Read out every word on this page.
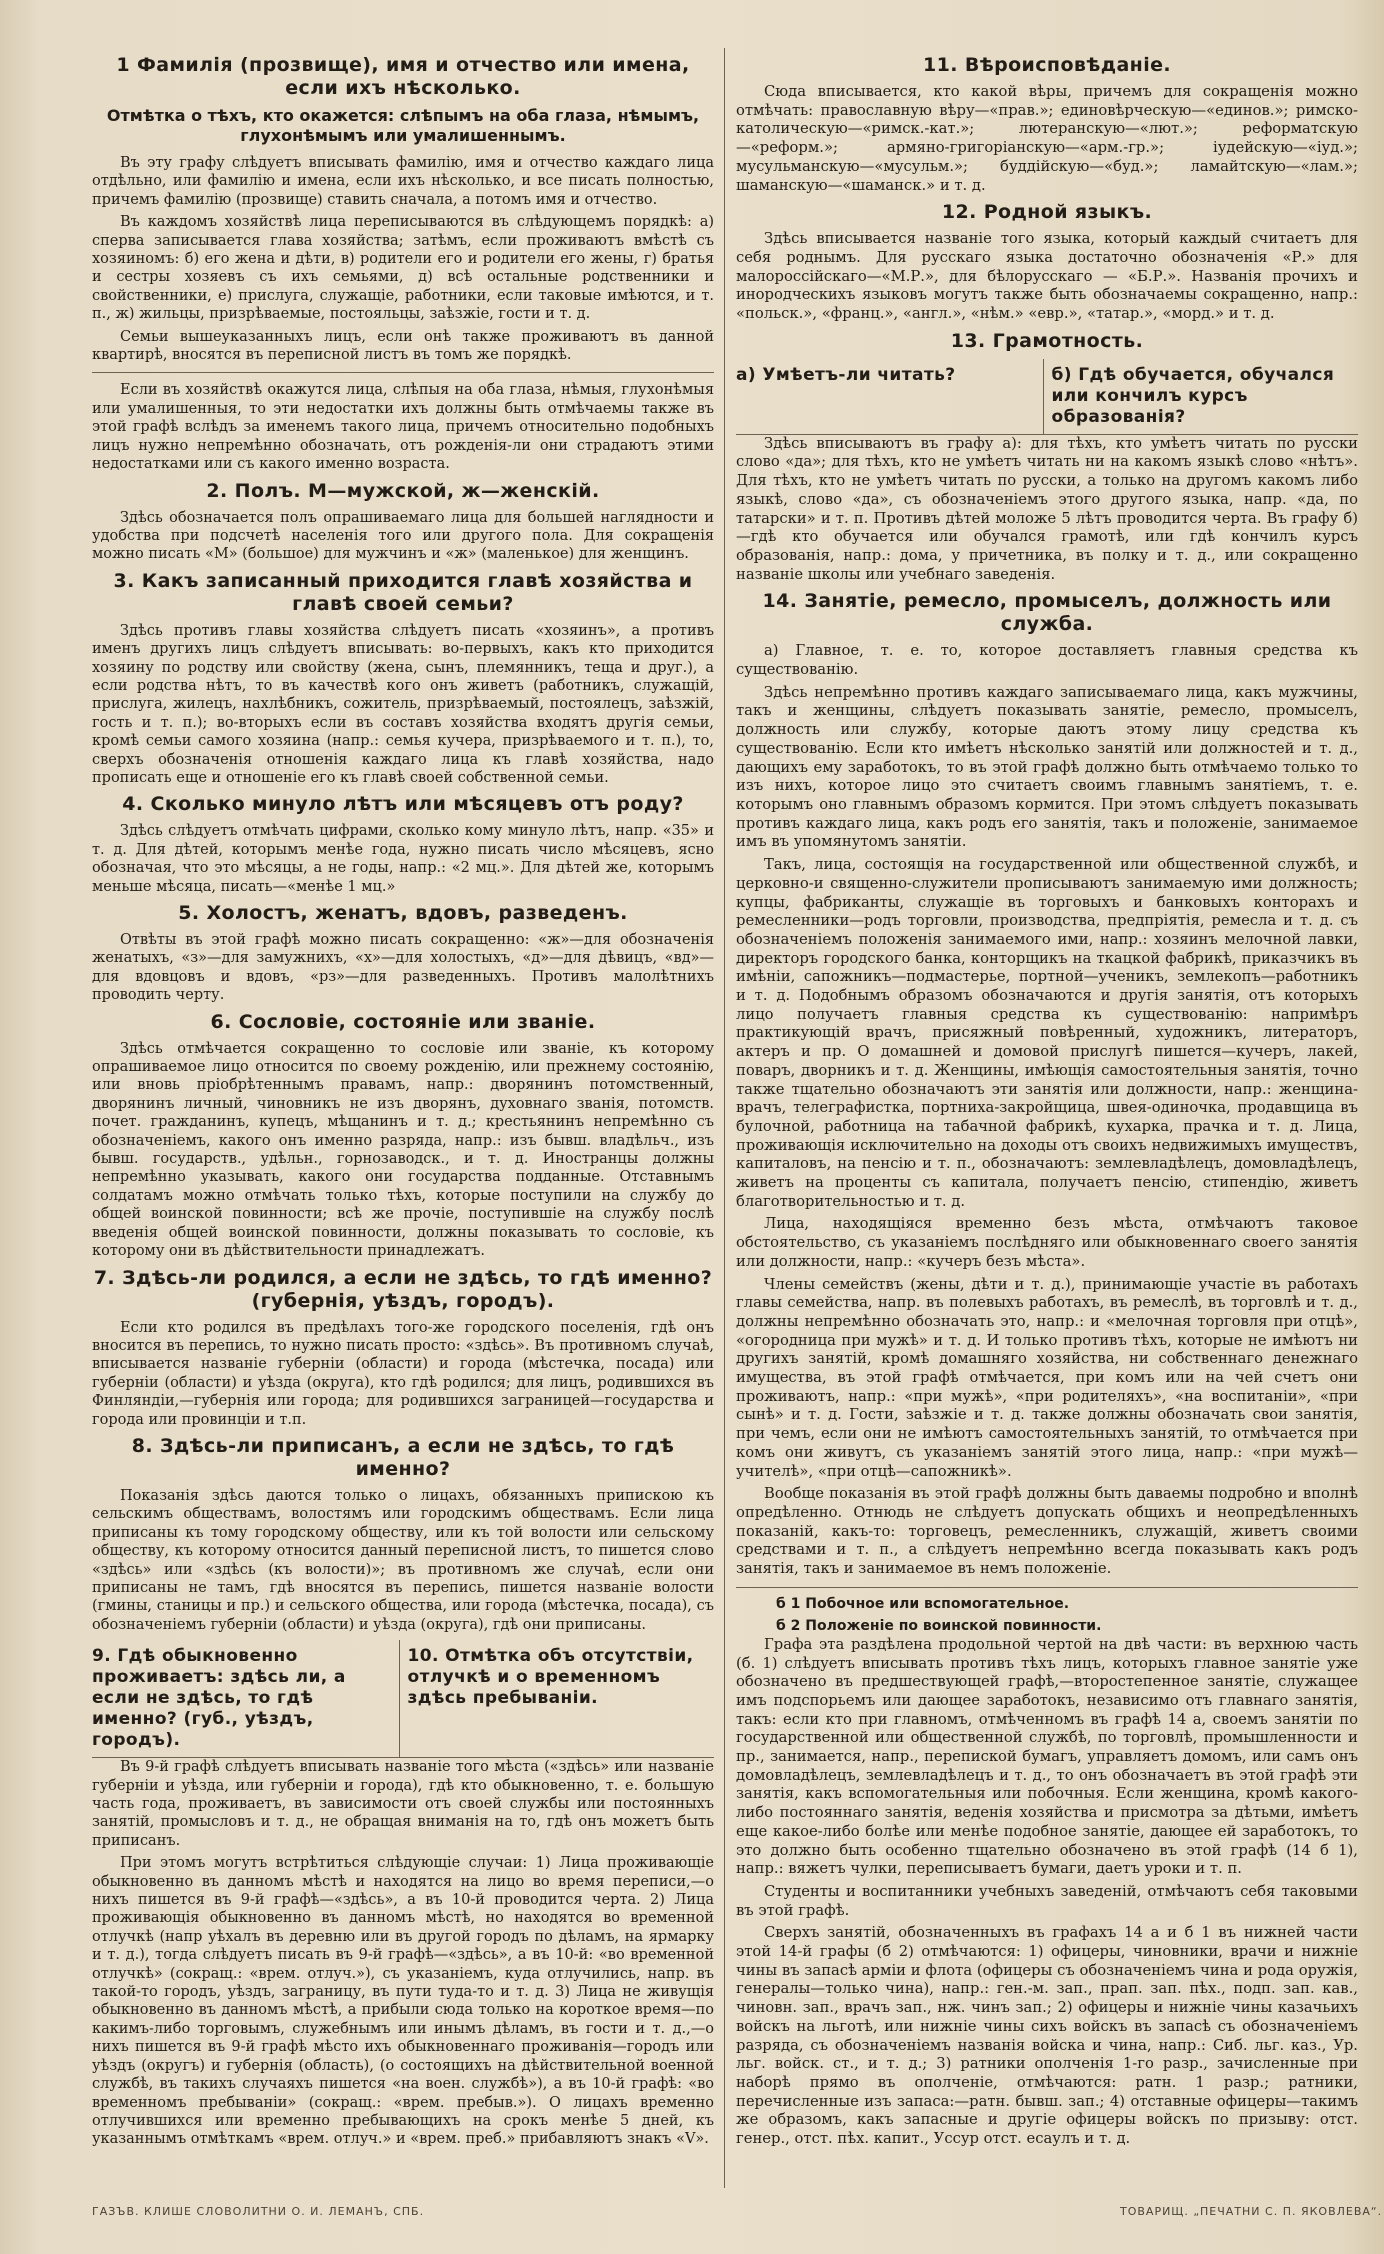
1 Фамилія (прозвище), имя и отчество или имена, если ихъ нѣсколько.
Отмѣтка о тѣхъ, кто окажется: слѣпымъ на оба глаза, нѣмымъ, глухонѣмымъ или умалишеннымъ.

Въ эту графу слѣдуетъ вписывать фамилію, имя и отчество каждаго лица отдѣльно, или фамилію и имена, если ихъ нѣсколько, и все писать полностью, причемъ фамилію (прозвище) ставить сначала, а потомъ имя и отчество.

Въ каждомъ хозяйствѣ лица переписываются въ слѣдующемъ порядкѣ: а) сперва записывается глава хозяйства; затѣмъ, если проживаютъ вмѣстѣ съ хозяиномъ: б) его жена и дѣти, в) родители его и родители его жены, г) братья и сестры хозяевъ съ ихъ семьями, д) всѣ остальные родственники и свойственники, е) прислуга, служащіе, работники, если таковые имѣются, и т. п., ж) жильцы, призрѣваемые, постояльцы, заѣзжіе, гости и т. д.

Семьи вышеуказанныхъ лицъ, если онѣ также проживаютъ въ данной квартирѣ, вносятся въ переписной листъ въ томъ же порядкѣ.

Если въ хозяйствѣ окажутся лица, слѣпыя на оба глаза, нѣмыя, глухонѣмыя или умалишенныя, то эти недостатки ихъ должны быть отмѣчаемы также въ этой графѣ вслѣдъ за именемъ такого лица, причемъ относительно подобныхъ лицъ нужно непремѣнно обозначать, отъ рожденія-ли они страдаютъ этими недостатками или съ какого именно возраста.

2. Полъ. М—мужской, ж—женскій.

Здѣсь обозначается полъ опрашиваемаго лица для большей наглядности и удобства при подсчетѣ населенія того или другого пола. Для сокращенія можно писать «М» (большое) для мужчинъ и «ж» (маленькое) для женщинъ.

3. Какъ записанный приходится главѣ хозяйства и главѣ своей семьи?

Здѣсь противъ главы хозяйства слѣдуетъ писать «хозяинъ», а противъ именъ другихъ лицъ слѣдуетъ вписывать: во-первыхъ, какъ кто приходится хозяину по родству или свойству (жена, сынъ, племянникъ, теща и друг.), а если родства нѣтъ, то въ качествѣ кого онъ живетъ (работникъ, служащій, прислуга, жилецъ, нахлѣбникъ, сожитель, призрѣваемый, постоялецъ, заѣзжій, гость и т. п.); во-вторыхъ если въ составъ хозяйства входятъ другія семьи, кромѣ семьи самого хозяина (напр.: семья кучера, призрѣваемого и т. п.), то, сверхъ обозначенія отношенія каждаго лица къ главѣ хозяйства, надо прописать еще и отношеніе его къ главѣ своей собственной семьи.

4. Сколько минуло лѣтъ или мѣсяцевъ отъ роду?

Здѣсь слѣдуетъ отмѣчать цифрами, сколько кому минуло лѣтъ, напр. «35» и т. д. Для дѣтей, которымъ менѣе года, нужно писать число мѣсяцевъ, ясно обозначая, что это мѣсяцы, а не годы, напр.: «2 мц.». Для дѣтей же, которымъ меньше мѣсяца, писать—«менѣе 1 мц.»

5. Холостъ, женатъ, вдовъ, разведенъ.

Отвѣты въ этой графѣ можно писать сокращенно: «ж»—для обозначенія женатыхъ, «з»—для замужнихъ, «х»—для холостыхъ, «д»—для дѣвицъ, «вд»—для вдовцовъ и вдовъ, «рз»—для разведенныхъ. Противъ малолѣтнихъ проводить черту.

6. Сословіе, состояніе или званіе.

Здѣсь отмѣчается сокращенно то сословіе или званіе, къ которому опрашиваемое лицо относится по своему рожденію, или прежнему состоянію, или вновь пріобрѣтеннымъ правамъ, напр.: дворянинъ потомственный, дворянинъ личный, чиновникъ не изъ дворянъ, духовнаго званія, потомств. почет. гражданинъ, купецъ, мѣщанинъ и т. д.; крестьянинъ непремѣнно съ обозначеніемъ, какого онъ именно разряда, напр.: изъ бывш. владѣльч., изъ бывш. государств., удѣльн., горнозаводск., и т. д. Иностранцы должны непремѣнно указывать, какого они государства подданные. Отставнымъ солдатамъ можно отмѣчать только тѣхъ, которые поступили на службу до общей воинской повинности; всѣ же прочіе, поступившіе на службу послѣ введенія общей воинской повинности, должны показывать то сословіе, къ которому они въ дѣйствительности принадлежатъ.

7. Здѣсь-ли родился, а если не здѣсь, то гдѣ именно? (губернія, уѣздъ, городъ).

Если кто родился въ предѣлахъ того-же городского поселенія, гдѣ онъ вносится въ перепись, то нужно писать просто: «здѣсь». Въ противномъ случаѣ, вписывается названіе губерніи (области) и города (мѣстечка, посада) или губерніи (области) и уѣзда (округа), кто гдѣ родился; для лицъ, родившихся въ Финляндіи,—губернія или города; для родившихся заграницей—государства и города или провинціи и т.п.

8. Здѣсь-ли приписанъ, а если не здѣсь, то гдѣ именно?

Показанія здѣсь даются только о лицахъ, обязанныхъ припискою къ сельскимъ обществамъ, волостямъ или городскимъ обществамъ. Если лица приписаны къ тому городскому обществу, или къ той волости или сельскому обществу, къ которому относится данный переписной листъ, то пишется слово «здѣсь» или «здѣсь (къ волости)»; въ противномъ же случаѣ, если они приписаны не тамъ, гдѣ вносятся въ перепись, пишется названіе волости (гмины, станицы и пр.) и сельского общества, или города (мѣстечка, посада), съ обозначеніемъ губерніи (области) и уѣзда (округа), гдѣ они приписаны.

9. Гдѣ обыкновенно проживаетъ: здѣсь ли, а если не здѣсь, то гдѣ именно? (губ., уѣздъ, городъ).
10. Отмѣтка объ отсутствіи, отлучкѣ и о временномъ здѣсь пребываніи.

Въ 9-й графѣ слѣдуетъ вписывать названіе того мѣста («здѣсь» или названіе губерніи и уѣзда, или губерніи и города), гдѣ кто обыкновенно, т. е. большую часть года, проживаетъ, въ зависимости отъ своей службы или постоянныхъ занятій, промысловъ и т. д., не обращая вниманія на то, гдѣ онъ можетъ быть приписанъ.

При этомъ могутъ встрѣтиться слѣдующіе случаи: 1) Лица проживающіе обыкновенно въ данномъ мѣстѣ и находятся на лицо во время переписи,—о нихъ пишется въ 9-й графѣ—«здѣсь», а въ 10-й проводится черта. 2) Лица проживающія обыкновенно въ данномъ мѣстѣ, но находятся во временной отлучкѣ (напр уѣхалъ въ деревню или въ другой городъ по дѣламъ, на ярмарку и т. д.), тогда слѣдуетъ писать въ 9-й графѣ—«здѣсь», а въ 10-й: «во временной отлучкѣ» (сокращ.: «врем. отлуч.»), съ указаніемъ, куда отлучились, напр. въ такой-то городъ, уѣздъ, заграницу, въ пути туда-то и т. д. 3) Лица не живущія обыкновенно въ данномъ мѣстѣ, а прибыли сюда только на короткое время—по какимъ-либо торговымъ, служебнымъ или инымъ дѣламъ, въ гости и т. д.,—о нихъ пишется въ 9-й графѣ мѣсто ихъ обыкновеннаго проживанія—городъ или уѣздъ (округъ) и губернія (область), (о состоящихъ на дѣйствительной военной службѣ, въ такихъ случаяхъ пишется «на воен. службѣ»), а въ 10-й графѣ: «во временномъ пребываніи» (сокращ.: «врем. пребыв.»). О лицахъ временно отлучившихся или временно пребывающихъ на срокъ менѣе 5 дней, къ указаннымъ отмѣткамъ «врем. отлуч.» и «врем. преб.» прибавляютъ знакъ «V».

11. Вѣроисповѣданіе.

Сюда вписывается, кто какой вѣры, причемъ для сокращенія можно отмѣчать: православную вѣру—«прав.»; единовѣрческую—«единов.»; римско-католическую—«римск.-кат.»; лютеранскую—«лют.»; реформатскую—«реформ.»; армяно-григоріанскую—«арм.-гр.»; іудейскую—«іуд.»; мусульманскую—«мусульм.»; буддійскую—«буд.»; ламайтскую—«лам.»; шаманскую—«шаманск.» и т. д.

12. Родной языкъ.

Здѣсь вписывается названіе того языка, который каждый считаетъ для себя роднымъ. Для русскаго языка достаточно обозначенія «Р.» для малороссійскаго—«М.Р.», для бѣлорусскаго — «Б.Р.». Названія прочихъ и инородческихъ языковъ могутъ также быть обозначаемы сокращенно, напр.: «польск.», «франц.», «англ.», «нѣм.» «евр.», «татар.», «морд.» и т. д.

13. Грамотность.
а) Умѣетъ-ли читать?	б) Гдѣ обучается, обучался или кончилъ курсъ образованія?

Здѣсь вписываютъ въ графу а): для тѣхъ, кто умѣетъ читать по русски слово «да»; для тѣхъ, кто не умѣетъ читать ни на какомъ языкѣ слово «нѣтъ». Для тѣхъ, кто не умѣетъ читать по русски, а только на другомъ какомъ либо языкѣ, слово «да», съ обозначеніемъ этого другого языка, напр. «да, по татарски» и т. п. Противъ дѣтей моложе 5 лѣтъ проводится черта. Въ графу б)—гдѣ кто обучается или обучался грамотѣ, или гдѣ кончилъ курсъ образованія, напр.: дома, у причетника, въ полку и т. д., или сокращенно названіе школы или учебнаго заведенія.

14. Занятіе, ремесло, промыселъ, должность или служба.

а) Главное, т. е. то, которое доставляетъ главныя средства къ существованію.

Здѣсь непремѣнно противъ каждаго записываемаго лица, какъ мужчины, такъ и женщины, слѣдуетъ показывать занятіе, ремесло, промыселъ, должность или службу, которые даютъ этому лицу средства къ существованію. Если кто имѣетъ нѣсколько занятій или должностей и т. д., дающихъ ему заработокъ, то въ этой графѣ должно быть отмѣчаемо только то изъ нихъ, которое лицо это считаетъ своимъ главнымъ занятіемъ, т. е. которымъ оно главнымъ образомъ кормится. При этомъ слѣдуетъ показывать противъ каждаго лица, какъ родъ его занятія, такъ и положеніе, занимаемое имъ въ упомянутомъ занятіи.

Такъ, лица, состоящія на государственной или общественной службѣ, и церковно-и священно-служители прописываютъ занимаемую ими должность; купцы, фабриканты, служащіе въ торговыхъ и банковыхъ конторахъ и ремесленники—родъ торговли, производства, предпріятія, ремесла и т. д. съ обозначеніемъ положенія занимаемого ими, напр.: хозяинъ мелочной лавки, директоръ городского банка, конторщикъ на ткацкой фабрикѣ, приказчикъ въ имѣніи, сапожникъ—подмастерье, портной—ученикъ, землекопъ—работникъ и т. д. Подобнымъ образомъ обозначаются и другія занятія, отъ которыхъ лицо получаетъ главныя средства къ существованію: напримѣръ практикующій врачъ, присяжный повѣренный, художникъ, литераторъ, актеръ и пр. О домашней и домовой прислугѣ пишется—кучеръ, лакей, поваръ, дворникъ и т. д. Женщины, имѣющія самостоятельныя занятія, точно также тщательно обозначаютъ эти занятія или должности, напр.: женщина-врачъ, телеграфистка, портниха-закройщица, швея-одиночка, продавщица въ булочной, работница на табачной фабрикѣ, кухарка, прачка и т. д. Лица, проживающія исключительно на доходы отъ своихъ недвижимыхъ имуществъ, капиталовъ, на пенсію и т. п., обозначаютъ: землевладѣлецъ, домовладѣлецъ, живетъ на проценты съ капитала, получаетъ пенсію, стипендію, живетъ благотворительностью и т. д.

Лица, находящіяся временно безъ мѣста, отмѣчаютъ таковое обстоятельство, съ указаніемъ послѣдняго или обыкновеннаго своего занятія или должности, напр.: «кучеръ безъ мѣста».

Члены семействъ (жены, дѣти и т. д.), принимающіе участіе въ работахъ главы семейства, напр. въ полевыхъ работахъ, въ ремеслѣ, въ торговлѣ и т. д., должны непремѣнно обозначать это, напр.: и «мелочная торговля при отцѣ», «огородница при мужѣ» и т. д. И только противъ тѣхъ, которые не имѣютъ ни другихъ занятій, кромѣ домашняго хозяйства, ни собственнаго денежнаго имущества, въ этой графѣ отмѣчается, при комъ или на чей счетъ они проживаютъ, напр.: «при мужѣ», «при родителяхъ», «на воспитаніи», «при сынѣ» и т. д. Гости, заѣзжіе и т. д. также должны обозначать свои занятія, при чемъ, если они не имѣютъ самостоятельныхъ занятій, то отмѣчается при комъ они живутъ, съ указаніемъ занятій этого лица, напр.: «при мужѣ—учителѣ», «при отцѣ—сапожникѣ».

Вообще показанія въ этой графѣ должны быть даваемы подробно и вполнѣ опредѣленно. Отнюдь не слѣдуетъ допускать общихъ и неопредѣленныхъ показаній, какъ-то: торговецъ, ремесленникъ, служащій, живетъ своими средствами и т. п., а слѣдуетъ непремѣнно всегда показывать какъ родъ занятія, такъ и занимаемое въ немъ положеніе.

б 1 Побочное или вспомогательное.
б 2 Положеніе по воинской повинности.

Графа эта раздѣлена продольной чертой на двѣ части: въ верхнюю часть (б. 1) слѣдуетъ вписывать противъ тѣхъ лицъ, которыхъ главное занятіе уже обозначено въ предшествующей графѣ,—второстепенное занятіе, служащее имъ подспорьемъ или дающее заработокъ, независимо отъ главнаго занятія, такъ: если кто при главномъ, отмѣченномъ въ графѣ 14 а, своемъ занятіи по государственной или общественной службѣ, по торговлѣ, промышленности и пр., занимается, напр., перепиской бумагъ, управляетъ домомъ, или самъ онъ домовладѣлецъ, землевладѣлецъ и т. д., то онъ обозначаетъ въ этой графѣ эти занятія, какъ вспомогательныя или побочныя. Если женщина, кромѣ какого-либо постояннаго занятія, веденія хозяйства и присмотра за дѣтьми, имѣетъ еще какое-либо болѣе или менѣе подобное занятіе, дающее ей заработокъ, то это должно быть особенно тщательно обозначено въ этой графѣ (14 б 1), напр.: вяжетъ чулки, переписываетъ бумаги, даетъ уроки и т. п.

Студенты и воспитанники учебныхъ заведеній, отмѣчаютъ себя таковыми въ этой графѣ.

Сверхъ занятій, обозначенныхъ въ графахъ 14 а и б 1 въ нижней части этой 14-й графы (б 2) отмѣчаются: 1) офицеры, чиновники, врачи и нижніе чины въ запасѣ арміи и флота (офицеры съ обозначеніемъ чина и рода оружія, генералы—только чина), напр.: ген.-м. зап., прап. зап. пѣх., подп. зап. кав., чиновн. зап., врачъ зап., нж. чинъ зап.; 2) офицеры и нижніе чины казачьихъ войскъ на льготѣ, или нижніе чины сихъ войскъ въ запасѣ съ обозначеніемъ разряда, съ обозначеніемъ названія войска и чина, напр.: Сиб. льг. каз., Ур. льг. войск. ст., и т. д.; 3) ратники ополченія 1-го разр., зачисленные при наборѣ прямо въ ополченіе, отмѣчаются: ратн. 1 разр.; ратники, перечисленные изъ запаса:—ратн. бывш. зап.; 4) отставные офицеры—такимъ же образомъ, какъ запасные и другіе офицеры войскъ по призыву: отст. генер., отст. пѣх. капит., Уссур отст. есаулъ и т. д.

ГАЗЪВ. КЛИШЕ СЛОВОЛИТНИ О. И. ЛЕМАНЪ, СПБ.	ТОВАРИЩ. „ПЕЧАТНИ С. П. ЯКОВЛЕВА“.
